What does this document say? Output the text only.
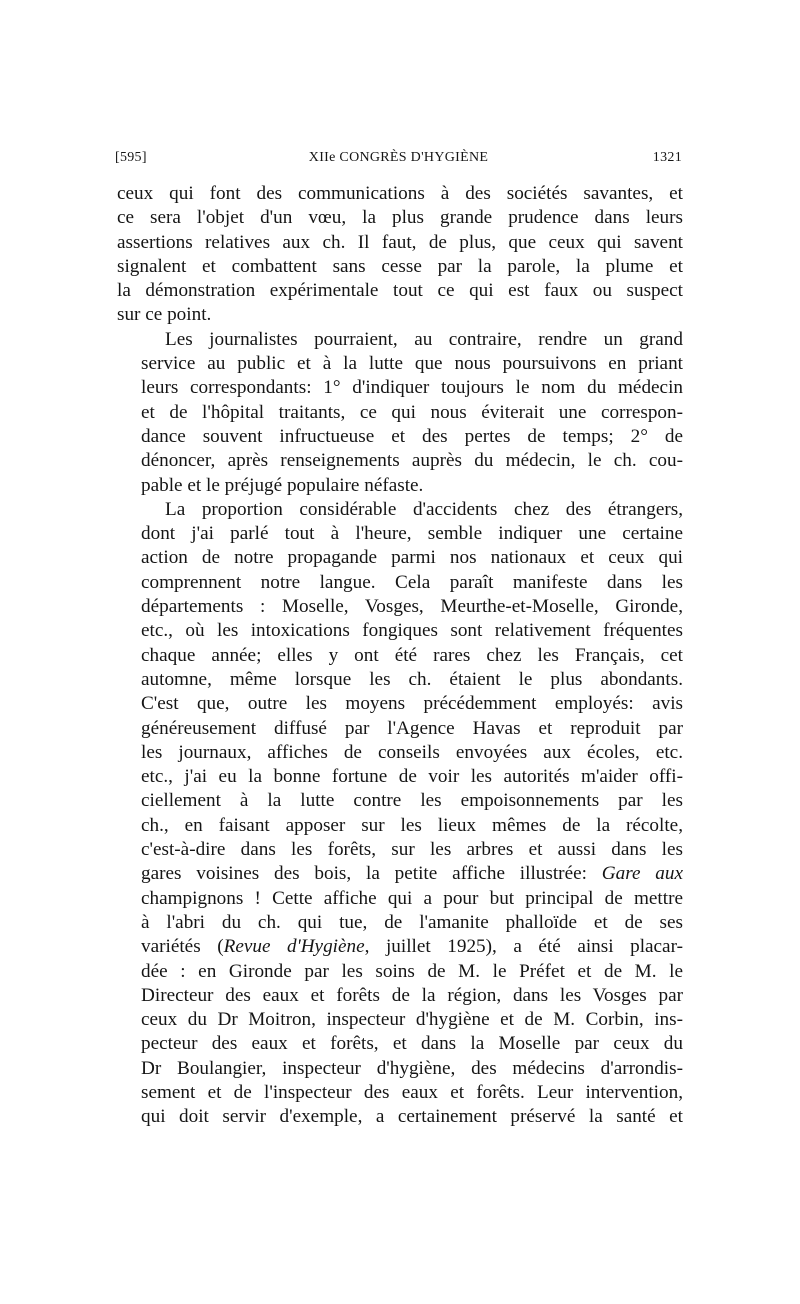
[595]	XIIe CONGRÈS D'HYGIÈNE	1321

ceux qui font des communications à des sociétés savantes, et
ce sera l'objet d'un vœu, la plus grande prudence dans leurs
assertions relatives aux ch. Il faut, de plus, que ceux qui savent
signalent et combattent sans cesse par la parole, la plume et
la démonstration expérimentale tout ce qui est faux ou suspect
sur ce point.

Les journalistes pourraient, au contraire, rendre un grand
service au public et à la lutte que nous poursuivons en priant
leurs correspondants: 1° d'indiquer toujours le nom du médecin
et de l'hôpital traitants, ce qui nous éviterait une correspon-
dance souvent infructueuse et des pertes de temps; 2° de
dénoncer, après renseignements auprès du médecin, le ch. cou-
pable et le préjugé populaire néfaste.

La proportion considérable d'accidents chez des étrangers,
dont j'ai parlé tout à l'heure, semble indiquer une certaine
action de notre propagande parmi nos nationaux et ceux qui
comprennent notre langue. Cela paraît manifeste dans les
départements : Moselle, Vosges, Meurthe-et-Moselle, Gironde,
etc., où les intoxications fongiques sont relativement fréquentes
chaque année; elles y ont été rares chez les Français, cet
automne, même lorsque les ch. étaient le plus abondants.
C'est que, outre les moyens précédemment employés: avis
généreusement diffusé par l'Agence Havas et reproduit par
les journaux, affiches de conseils envoyées aux écoles, etc.
etc., j'ai eu la bonne fortune de voir les autorités m'aider offi-
ciellement à la lutte contre les empoisonnements par les
ch., en faisant apposer sur les lieux mêmes de la récolte,
c'est-à-dire dans les forêts, sur les arbres et aussi dans les
gares voisines des bois, la petite affiche illustrée: Gare aux
champignons ! Cette affiche qui a pour but principal de mettre
à l'abri du ch. qui tue, de l'amanite phalloïde et de ses
variétés (Revue d'Hygiène, juillet 1925), a été ainsi placar-
dée : en Gironde par les soins de M. le Préfet et de M. le
Directeur des eaux et forêts de la région, dans les Vosges par
ceux du Dr Moitron, inspecteur d'hygiène et de M. Corbin, ins-
pecteur des eaux et forêts, et dans la Moselle par ceux du
Dr Boulangier, inspecteur d'hygiène, des médecins d'arrondis-
sement et de l'inspecteur des eaux et forêts. Leur intervention,
qui doit servir d'exemple, a certainement préservé la santé et
